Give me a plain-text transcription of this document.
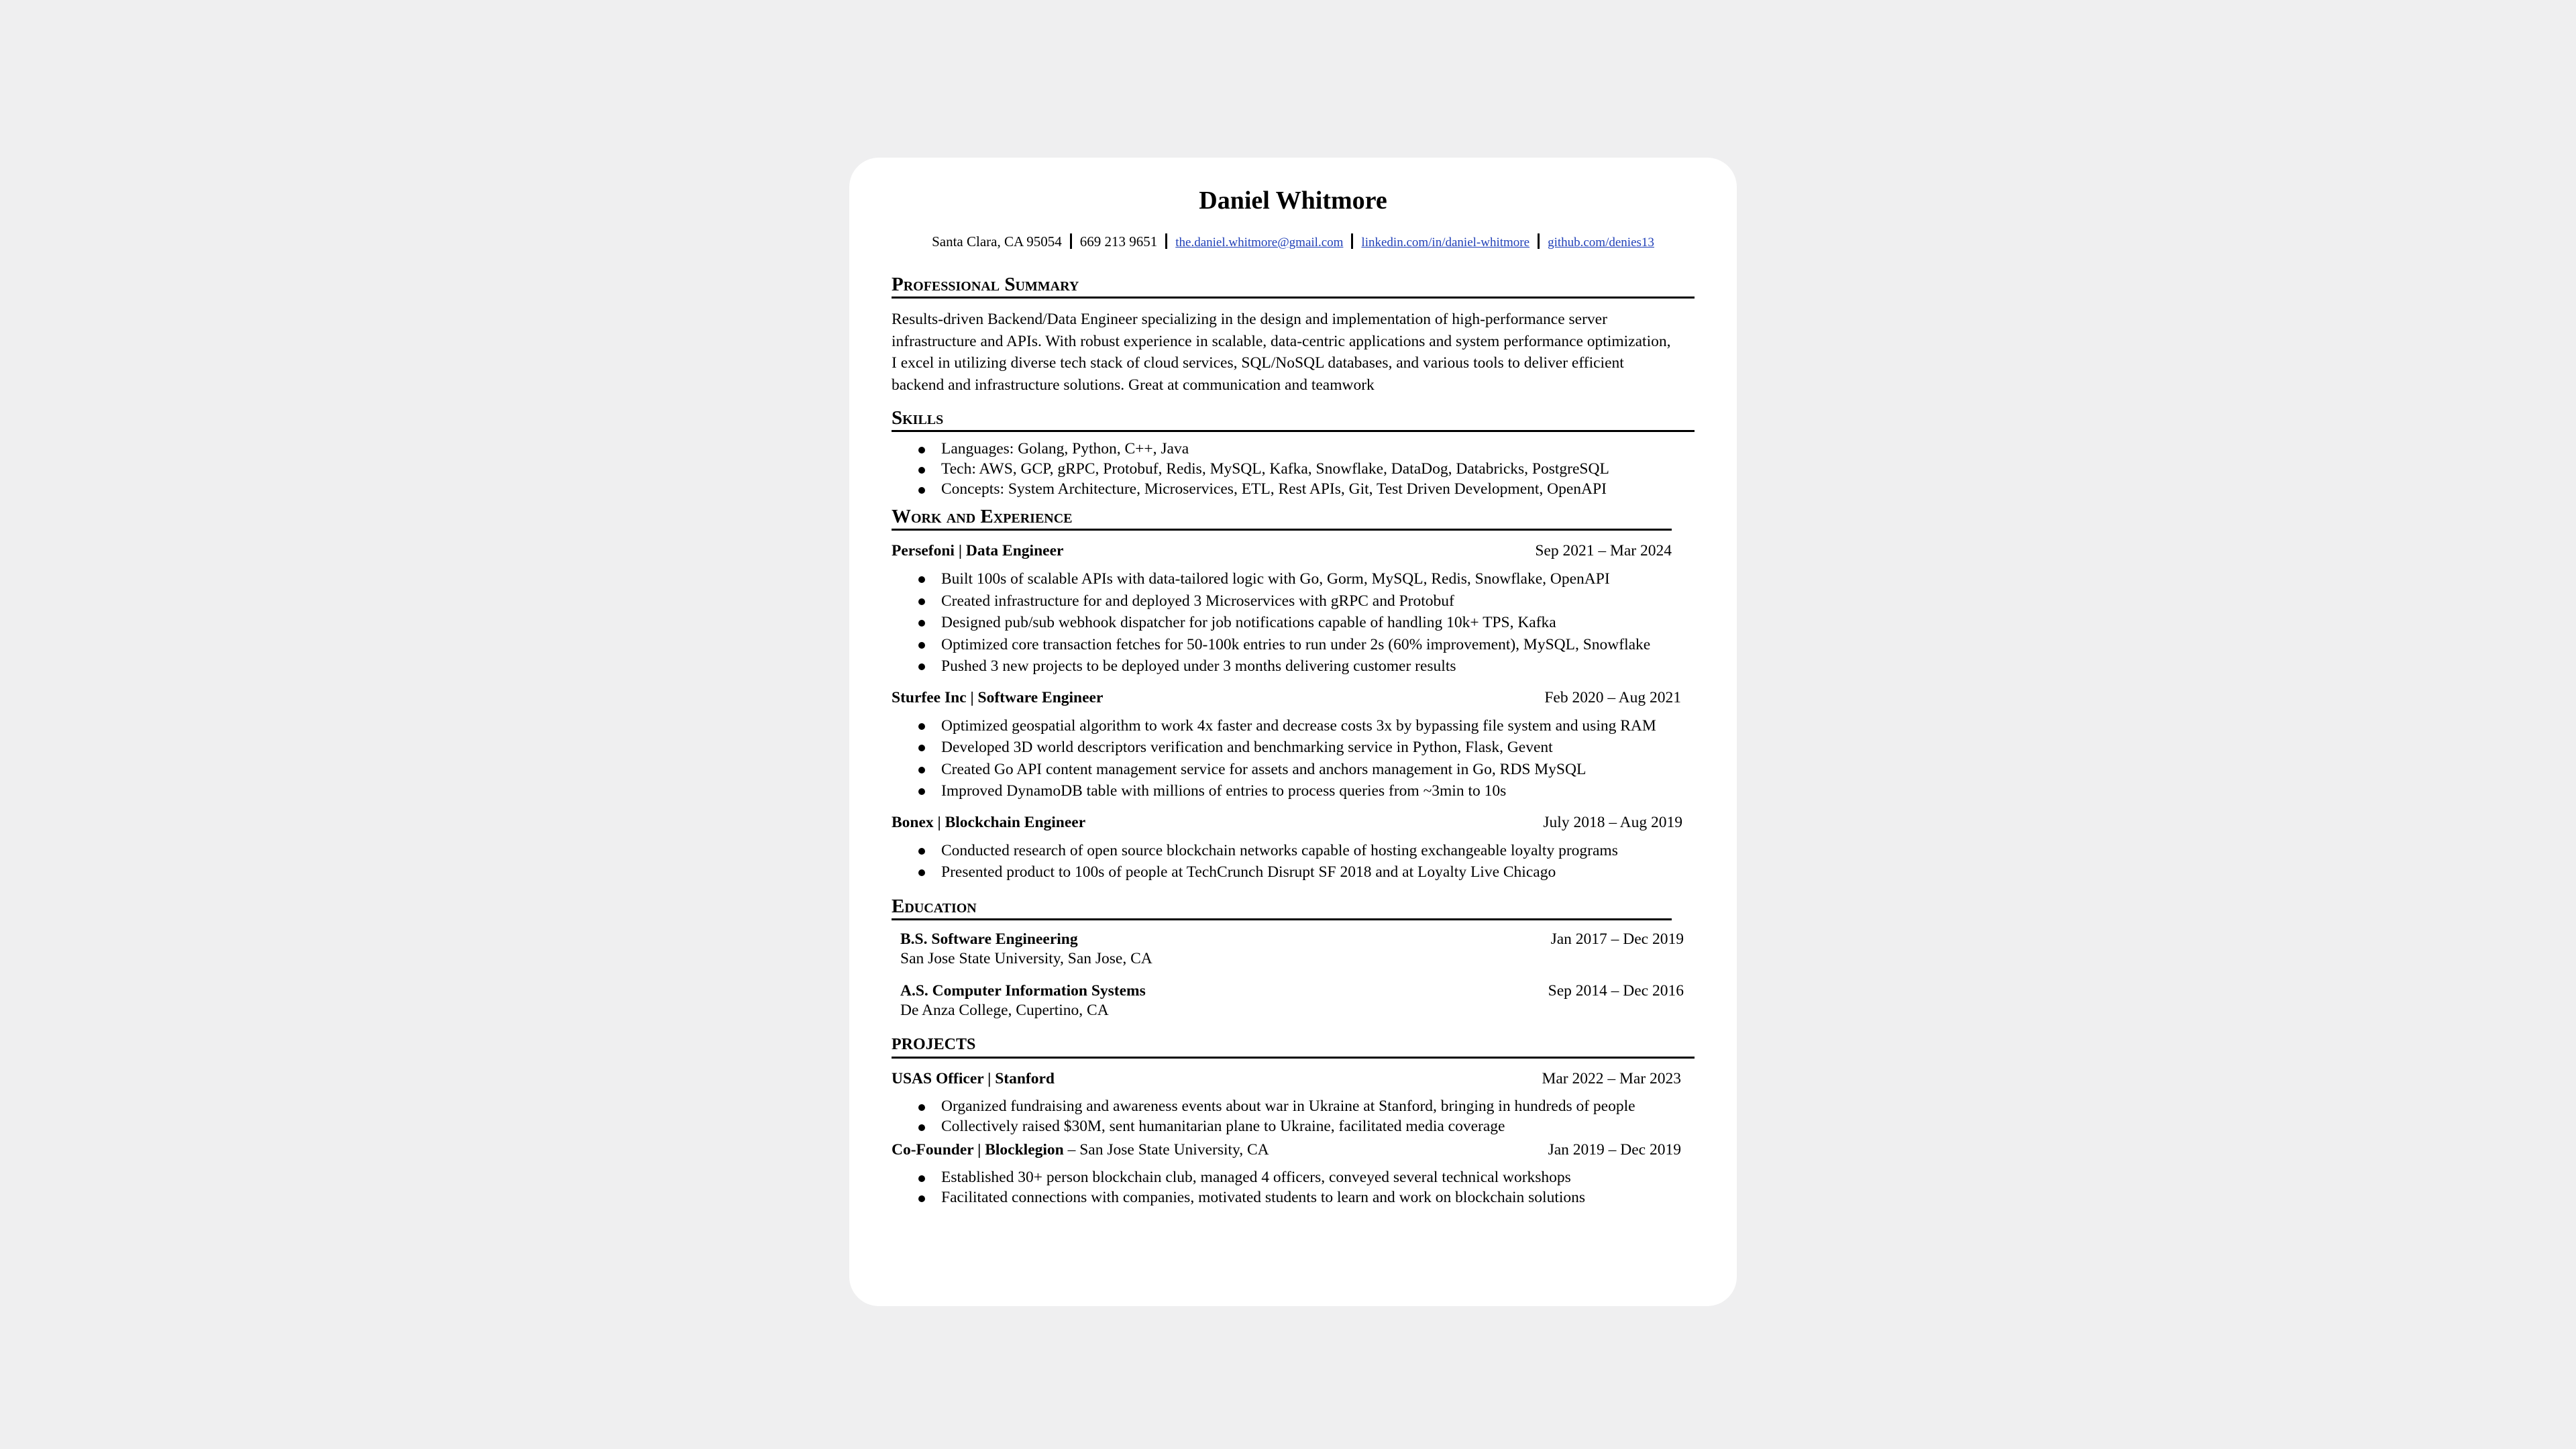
Daniel Whitmore
Santa Clara, CA 95054 669 213 9651 the.daniel.whitmore@gmail.com linkedin.com/in/daniel-whitmore github.com/denies13
Professional Summary
Results-driven Backend/Data Engineer specializing in the design and implementation of high-performance server infrastructure and APIs. With robust experience in scalable, data-centric applications and system performance optimization, I excel in utilizing diverse tech stack of cloud services, SQL/NoSQL databases, and various tools to deliver efficient backend and infrastructure solutions. Great at communication and teamwork
Skills
Languages: Golang, Python, C++, Java
Tech: AWS, GCP, gRPC, Protobuf, Redis, MySQL, Kafka, Snowflake, DataDog, Databricks, PostgreSQL
Concepts: System Architecture, Microservices, ETL, Rest APIs, Git, Test Driven Development, OpenAPI
Work and Experience
Persefoni | Data Engineer	Sep 2021 – Mar 2024
Built 100s of scalable APIs with data-tailored logic with Go, Gorm, MySQL, Redis, Snowflake, OpenAPI
Created infrastructure for and deployed 3 Microservices with gRPC and Protobuf
Designed pub/sub webhook dispatcher for job notifications capable of handling 10k+ TPS, Kafka
Optimized core transaction fetches for 50-100k entries to run under 2s (60% improvement), MySQL, Snowflake
Pushed 3 new projects to be deployed under 3 months delivering customer results
Sturfee Inc | Software Engineer	Feb 2020 – Aug 2021
Optimized geospatial algorithm to work 4x faster and decrease costs 3x by bypassing file system and using RAM
Developed 3D world descriptors verification and benchmarking service in Python, Flask, Gevent
Created Go API content management service for assets and anchors management in Go, RDS MySQL
Improved DynamoDB table with millions of entries to process queries from ~3min to 10s
Bonex | Blockchain Engineer	July 2018 – Aug 2019
Conducted research of open source blockchain networks capable of hosting exchangeable loyalty programs
Presented product to 100s of people at TechCrunch Disrupt SF 2018 and at Loyalty Live Chicago
Education
B.S. Software Engineering	Jan 2017 – Dec 2019
San Jose State University, San Jose, CA
A.S. Computer Information Systems	Sep 2014 – Dec 2016
De Anza College, Cupertino, CA
PROJECTS
USAS Officer | Stanford	Mar 2022 – Mar 2023
Organized fundraising and awareness events about war in Ukraine at Stanford, bringing in hundreds of people
Collectively raised $30M, sent humanitarian plane to Ukraine, facilitated media coverage
Co-Founder | Blocklegion – San Jose State University, CA	Jan 2019 – Dec 2019
Established 30+ person blockchain club, managed 4 officers, conveyed several technical workshops
Facilitated connections with companies, motivated students to learn and work on blockchain solutions
